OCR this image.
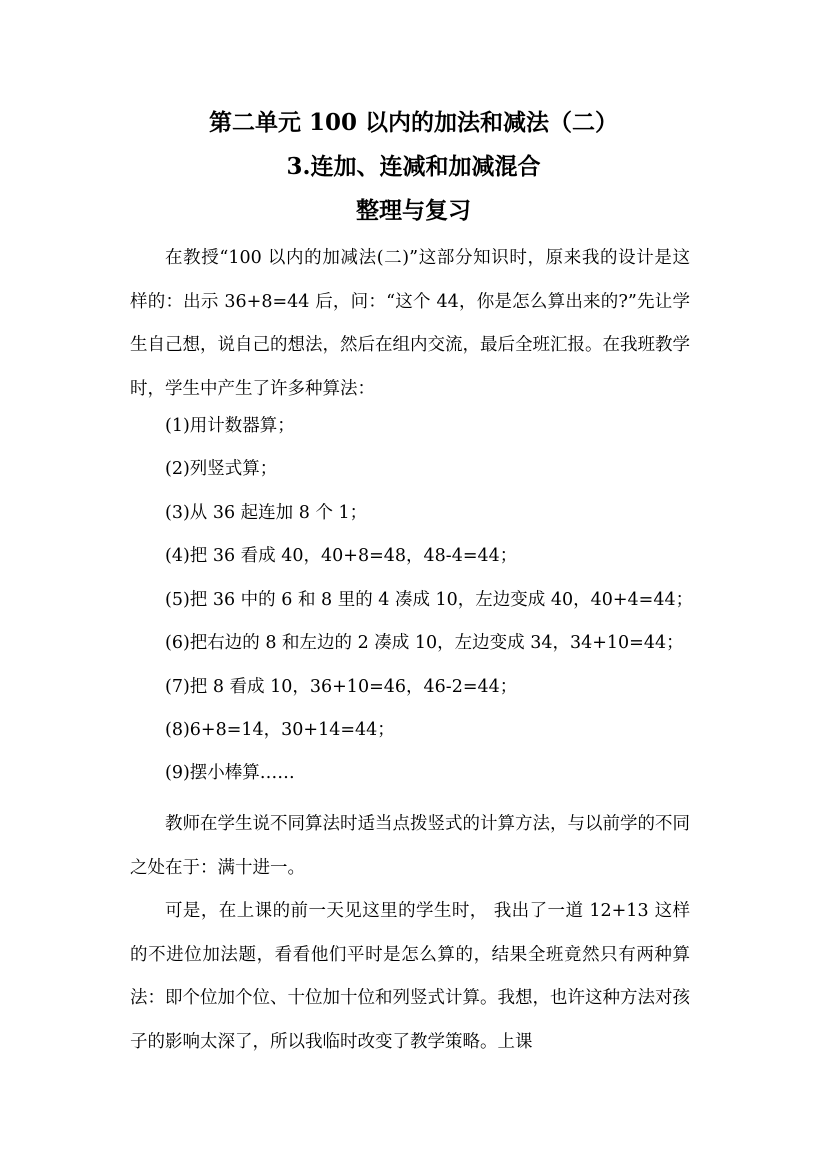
第二单元 100 以内的加法和减法（二）
3.连加、连减和加减混合
整理与复习
在教授“100 以内的加减法(二)”这部分知识时，原来我的设计是这样的：出示 36+8=44 后，问：“这个 44，你是怎么算出来的?”先让学生自己想，说自己的想法，然后在组内交流，最后全班汇报。在我班教学时，学生中产生了许多种算法：
(1)用计数器算；
(2)列竖式算；
(3)从 36 起连加 8 个 1；
(4)把 36 看成 40，40+8=48，48-4=44；
(5)把 36 中的 6 和 8 里的 4 凑成 10，左边变成 40，40+4=44；
(6)把右边的 8 和左边的 2 凑成 10，左边变成 34，34+10=44；
(7)把 8 看成 10，36+10=46，46-2=44；
(8)6+8=14，30+14=44；
(9)摆小棒算……
教师在学生说不同算法时适当点拨竖式的计算方法，与以前学的不同之处在于：满十进一。
可是，在上课的前一天见这里的学生时， 我出了一道 12+13 这样的不进位加法题，看看他们平时是怎么算的，结果全班竟然只有两种算法：即个位加个位、十位加十位和列竖式计算。我想，也许这种方法对孩子的影响太深了，所以我临时改变了教学策略。上课
